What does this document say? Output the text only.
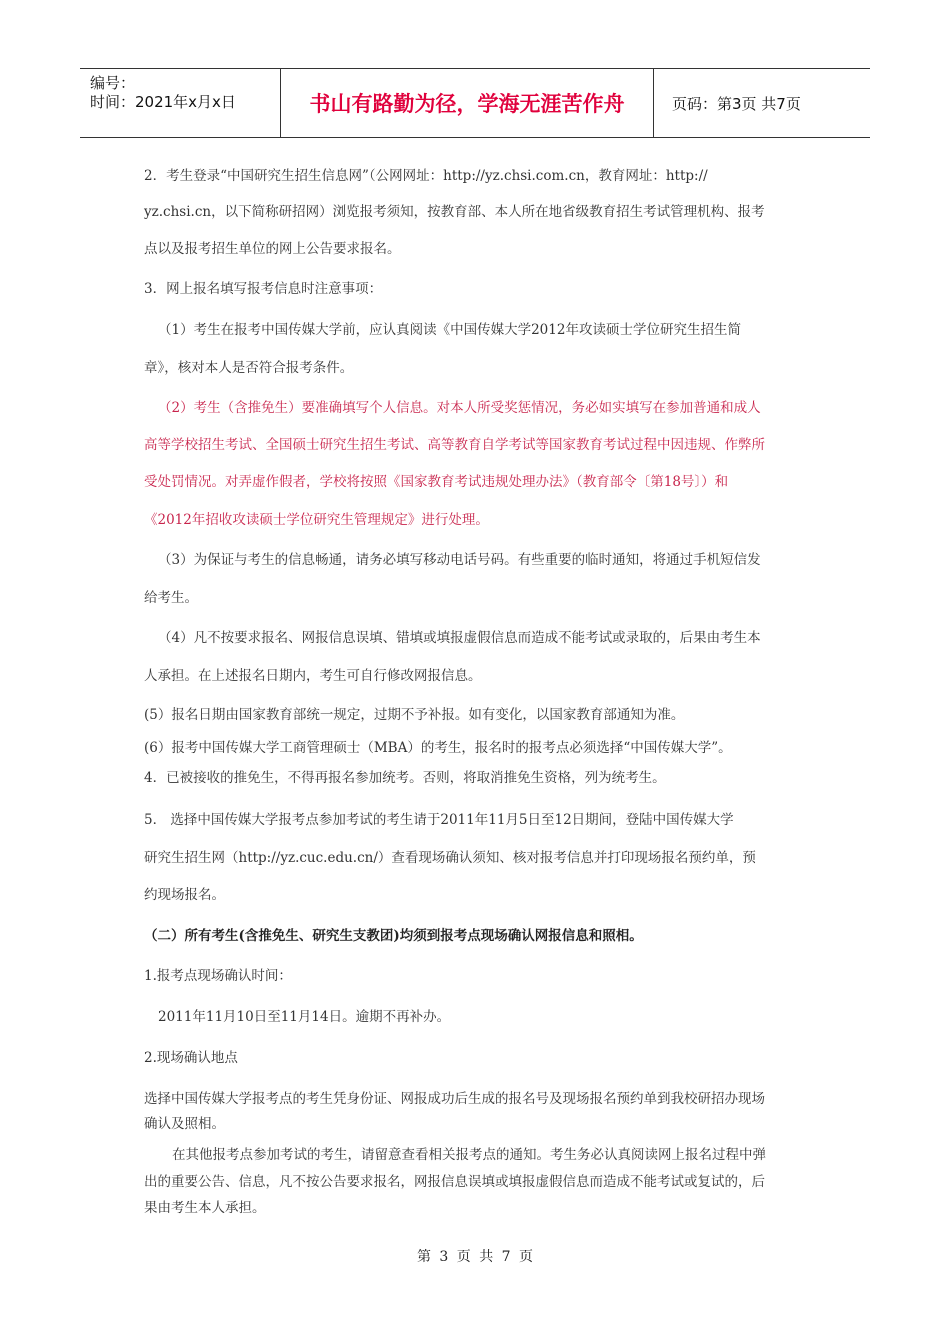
编号：
时间：2021年x月x日	书山有路勤为径，学海无涯苦作舟	页码：第3页 共7页
2．考生登录“中国研究生招生信息网”（公网网址：http://yz.chsi.com.cn，教育网址：http://
yz.chsi.cn，以下简称研招网）浏览报考须知，按教育部、本人所在地省级教育招生考试管理机构、报考
点以及报考招生单位的网上公告要求报名。
3．网上报名填写报考信息时注意事项：
（1）考生在报考中国传媒大学前，应认真阅读《中国传媒大学2012年攻读硕士学位研究生招生简
章》，核对本人是否符合报考条件。
（2）考生（含推免生）要准确填写个人信息。对本人所受奖惩情况，务必如实填写在参加普通和成人
高等学校招生考试、全国硕士研究生招生考试、高等教育自学考试等国家教育考试过程中因违规、作弊所
受处罚情况。对弄虚作假者，学校将按照《国家教育考试违规处理办法》（教育部令〔第18号〕）和
《2012年招收攻读硕士学位研究生管理规定》进行处理。
（3）为保证与考生的信息畅通，请务必填写移动电话号码。有些重要的临时通知，将通过手机短信发
给考生。
（4）凡不按要求报名、网报信息误填、错填或填报虚假信息而造成不能考试或录取的，后果由考生本
人承担。在上述报名日期内，考生可自行修改网报信息。
(5）报名日期由国家教育部统一规定，过期不予补报。如有变化，以国家教育部通知为准。
(6）报考中国传媒大学工商管理硕士（MBA）的考生，报名时的报考点必须选择“中国传媒大学”。
4．已被接收的推免生，不得再报名参加统考。否则，将取消推免生资格，列为统考生。
5． 选择中国传媒大学报考点参加考试的考生请于2011年11月5日至12日期间，登陆中国传媒大学
研究生招生网（http://yz.cuc.edu.cn/）查看现场确认须知、核对报考信息并打印现场报名预约单，预
约现场报名。
（二）所有考生(含推免生、研究生支教团)均须到报考点现场确认网报信息和照相。
1.报考点现场确认时间：
2011年11月10日至11月14日。逾期不再补办。
2.现场确认地点
选择中国传媒大学报考点的考生凭身份证、网报成功后生成的报名号及现场报名预约单到我校研招办现场
确认及照相。
在其他报考点参加考试的考生，请留意查看相关报考点的通知。考生务必认真阅读网上报名过程中弹
出的重要公告、信息，凡不按公告要求报名，网报信息误填或填报虚假信息而造成不能考试或复试的，后
果由考生本人承担。
第 3 页 共 7 页
